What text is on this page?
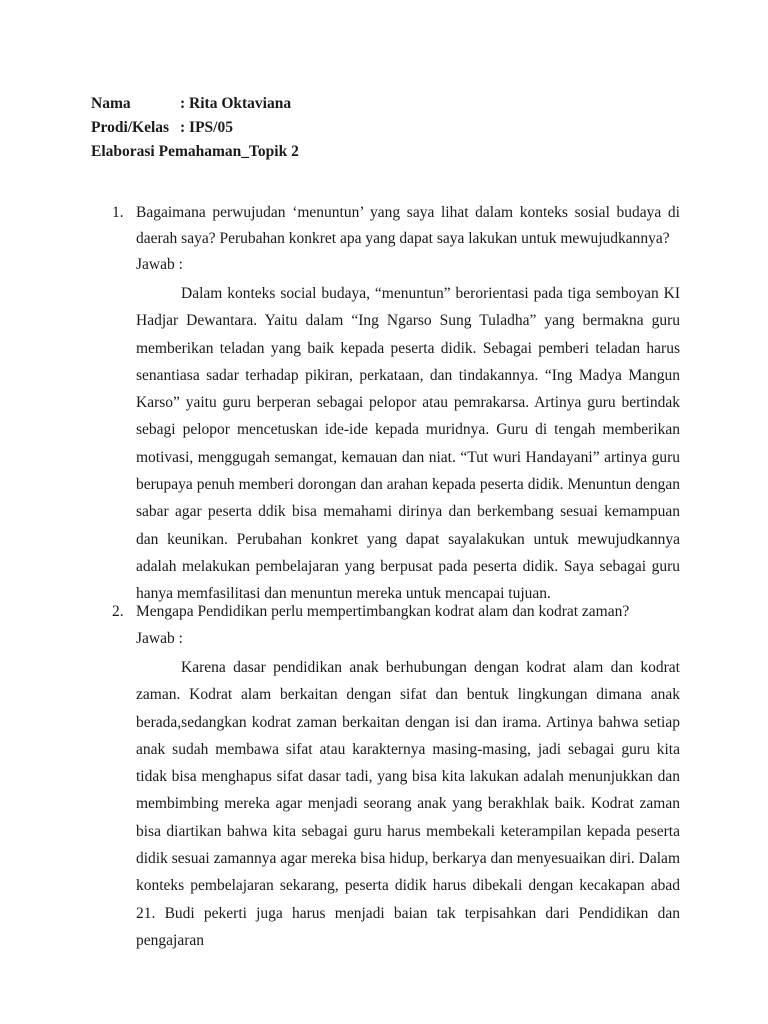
Nama	: Rita Oktaviana
Prodi/Kelas : IPS/05
Elaborasi Pemahaman_Topik 2
1. Bagaimana perwujudan ‘menuntun’ yang saya lihat dalam konteks sosial budaya di daerah saya? Perubahan konkret apa yang dapat saya lakukan untuk mewujudkannya?
Jawab :

Dalam konteks social budaya, “menuntun” berorientasi pada tiga semboyan KI Hadjar Dewantara. Yaitu dalam “Ing Ngarso Sung Tuladha” yang bermakna guru memberikan teladan yang baik kepada peserta didik. Sebagai pemberi teladan harus senantiasa sadar terhadap pikiran, perkataan, dan tindakannya. “Ing Madya Mangun Karso” yaitu guru berperan sebagai pelopor atau pemrakarsa. Artinya guru bertindak sebagi pelopor mencetuskan ide-ide kepada muridnya. Guru di tengah memberikan motivasi, menggugah semangat, kemauan dan niat. “Tut wuri Handayani” artinya guru berupaya penuh memberi dorongan dan arahan kepada peserta didik. Menuntun dengan sabar agar peserta ddik bisa memahami dirinya dan berkembang sesuai kemampuan dan keunikan. Perubahan konkret yang dapat sayalakukan untuk mewujudkannya adalah melakukan pembelajaran yang berpusat pada peserta didik. Saya sebagai guru hanya memfasilitasi dan menuntun mereka untuk mencapai tujuan.

2. Mengapa Pendidikan perlu mempertimbangkan kodrat alam dan kodrat zaman?
Jawab :

Karena dasar pendidikan anak berhubungan dengan kodrat alam dan kodrat zaman. Kodrat alam berkaitan dengan sifat dan bentuk lingkungan dimana anak berada,sedangkan kodrat zaman berkaitan dengan isi dan irama. Artinya bahwa setiap anak sudah membawa sifat atau karakternya masing-masing, jadi sebagai guru kita tidak bisa menghapus sifat dasar tadi, yang bisa kita lakukan adalah menunjukkan dan membimbing mereka agar menjadi seorang anak yang berakhlak baik. Kodrat zaman bisa diartikan bahwa kita sebagai guru harus membekali keterampilan kepada peserta didik sesuai zamannya agar mereka bisa hidup, berkarya dan menyesuaikan diri. Dalam konteks pembelajaran sekarang, peserta didik harus dibekali dengan kecakapan abad 21. Budi pekerti juga harus menjadi baian tak terpisahkan dari Pendidikan dan pengajaran
